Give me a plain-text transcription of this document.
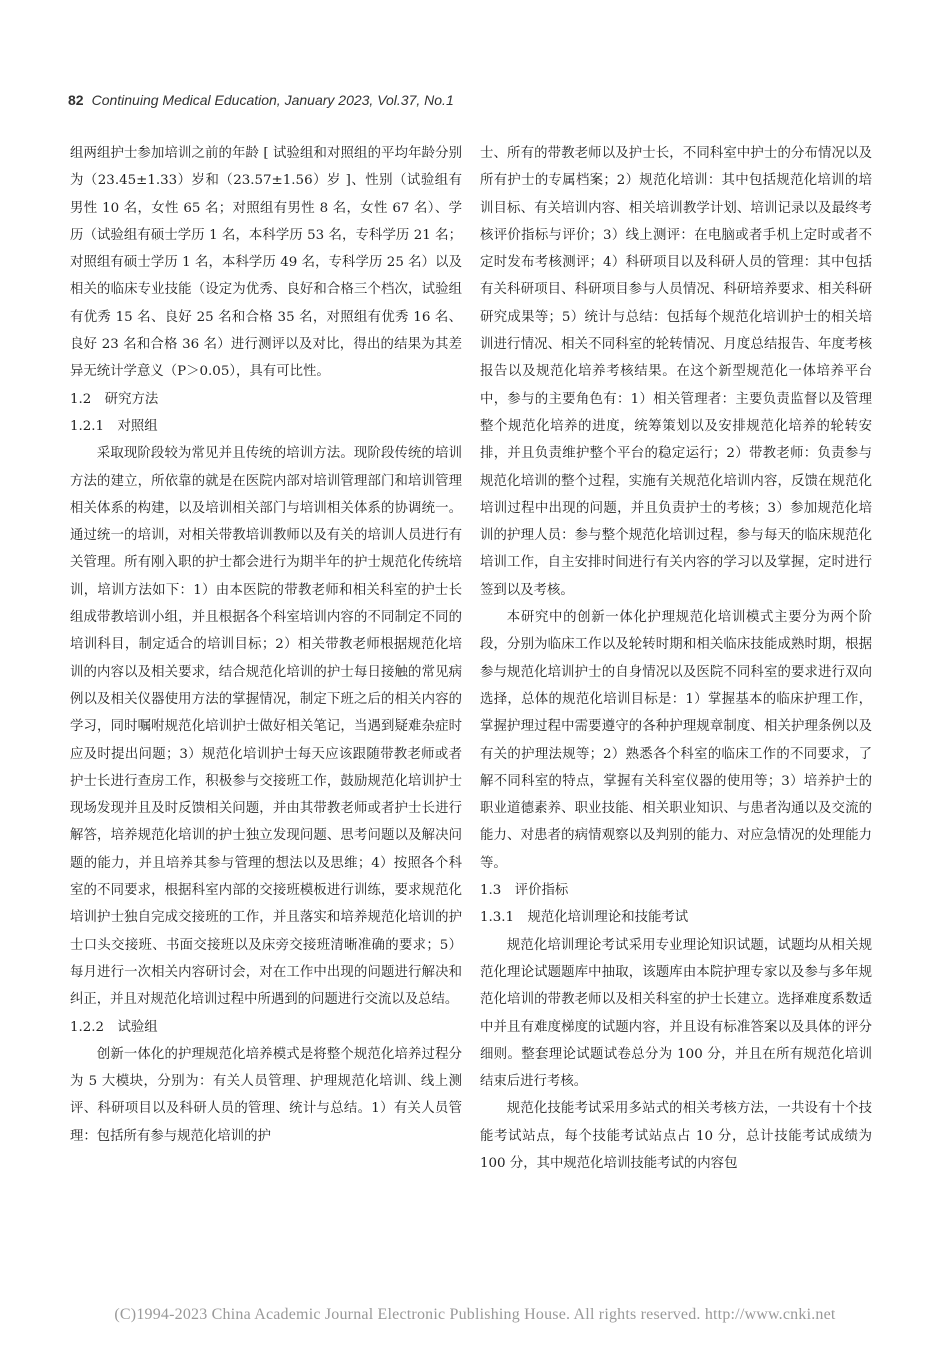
82 Continuing Medical Education, January 2023, Vol.37, No.1

组两组护士参加培训之前的年龄 [ 试验组和对照组的平均年龄分别为（23.45±1.33）岁和（23.57±1.56）岁 ]、性别（试验组有男性 10 名，女性 65 名；对照组有男性 8 名，女性 67 名）、学历（试验组有硕士学历 1 名，本科学历 53 名，专科学历 21 名；对照组有硕士学历 1 名，本科学历 49 名，专科学历 25 名）以及相关的临床专业技能（设定为优秀、良好和合格三个档次，试验组有优秀 15 名、良好 25 名和合格 35 名，对照组有优秀 16 名、良好 23 名和合格 36 名）进行测评以及对比，得出的结果为其差异无统计学意义（P＞0.05），具有可比性。

1.2　研究方法
1.2.1　对照组

采取现阶段较为常见并且传统的培训方法。现阶段传统的培训方法的建立，所依靠的就是在医院内部对培训管理部门和培训管理相关体系的构建，以及培训相关部门与培训相关体系的协调统一。通过统一的培训，对相关带教培训教师以及有关的培训人员进行有关管理。所有刚入职的护士都会进行为期半年的护士规范化传统培训，培训方法如下：1）由本医院的带教老师和相关科室的护士长组成带教培训小组，并且根据各个科室培训内容的不同制定不同的培训科目，制定适合的培训目标；2）相关带教老师根据规范化培训的内容以及相关要求，结合规范化培训的护士每日接触的常见病例以及相关仪器使用方法的掌握情况，制定下班之后的相关内容的学习，同时嘱咐规范化培训护士做好相关笔记，当遇到疑难杂症时应及时提出问题；3）规范化培训护士每天应该跟随带教老师或者护士长进行查房工作，积极参与交接班工作，鼓励规范化培训护士现场发现并且及时反馈相关问题，并由其带教老师或者护士长进行解答，培养规范化培训的护士独立发现问题、思考问题以及解决问题的能力，并且培养其参与管理的想法以及思维；4）按照各个科室的不同要求，根据科室内部的交接班模板进行训练，要求规范化培训护士独自完成交接班的工作，并且落实和培养规范化培训的护士口头交接班、书面交接班以及床旁交接班清晰准确的要求；5）每月进行一次相关内容研讨会，对在工作中出现的问题进行解决和纠正，并且对规范化培训过程中所遇到的问题进行交流以及总结。

1.2.2　试验组

创新一体化的护理规范化培养模式是将整个规范化培养过程分为 5 大模块，分别为：有关人员管理、护理规范化培训、线上测评、科研项目以及科研人员的管理、统计与总结。1）有关人员管理：包括所有参与规范化培训的护

士、所有的带教老师以及护士长，不同科室中护士的分布情况以及所有护士的专属档案；2）规范化培训：其中包括规范化培训的培训目标、有关培训内容、相关培训教学计划、培训记录以及最终考核评价指标与评价；3）线上测评：在电脑或者手机上定时或者不定时发布考核测评；4）科研项目以及科研人员的管理：其中包括有关科研项目、科研项目参与人员情况、科研培养要求、相关科研研究成果等；5）统计与总结：包括每个规范化培训护士的相关培训进行情况、相关不同科室的轮转情况、月度总结报告、年度考核报告以及规范化培养考核结果。在这个新型规范化一体培养平台中，参与的主要角色有：1）相关管理者：主要负责监督以及管理整个规范化培养的进度，统筹策划以及安排规范化培养的轮转安排，并且负责维护整个平台的稳定运行；2）带教老师：负责参与规范化培训的整个过程，实施有关规范化培训内容，反馈在规范化培训过程中出现的问题，并且负责护士的考核；3）参加规范化培训的护理人员：参与整个规范化培训过程，参与每天的临床规范化培训工作，自主安排时间进行有关内容的学习以及掌握，定时进行签到以及考核。

本研究中的创新一体化护理规范化培训模式主要分为两个阶段，分别为临床工作以及轮转时期和相关临床技能成熟时期，根据参与规范化培训护士的自身情况以及医院不同科室的要求进行双向选择，总体的规范化培训目标是：1）掌握基本的临床护理工作，掌握护理过程中需要遵守的各种护理规章制度、相关护理条例以及有关的护理法规等；2）熟悉各个科室的临床工作的不同要求，了解不同科室的特点，掌握有关科室仪器的使用等；3）培养护士的职业道德素养、职业技能、相关职业知识、与患者沟通以及交流的能力、对患者的病情观察以及判别的能力、对应急情况的处理能力等。

1.3　评价指标
1.3.1　规范化培训理论和技能考试

规范化培训理论考试采用专业理论知识试题，试题均从相关规范化理论试题题库中抽取，该题库由本院护理专家以及参与多年规范化培训的带教老师以及相关科室的护士长建立。选择难度系数适中并且有难度梯度的试题内容，并且设有标准答案以及具体的评分细则。整套理论试题试卷总分为 100 分，并且在所有规范化培训结束后进行考核。

规范化技能考试采用多站式的相关考核方法，一共设有十个技能考试站点，每个技能考试站点占 10 分，总计技能考试成绩为 100 分，其中规范化培训技能考试的内容包

(C)1994-2023 China Academic Journal Electronic Publishing House. All rights reserved. http://www.cnki.net
